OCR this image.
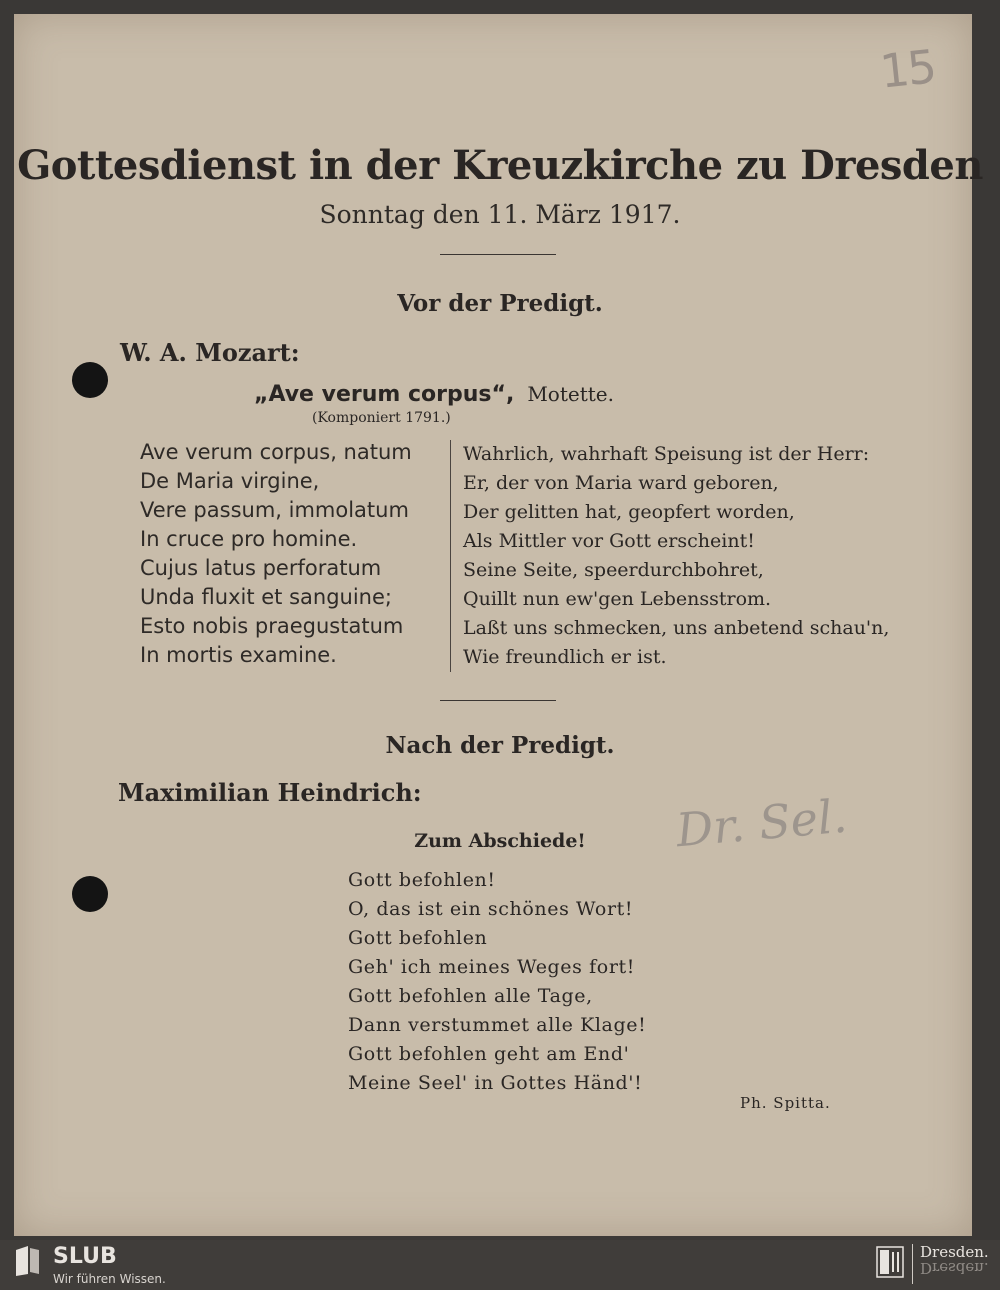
15
Gottesdienst in der Kreuzkirche zu Dresden
Sonntag den 11. März 1917.
Vor der Predigt.
W. A. Mozart:
„Ave verum corpus“, Motette.
(Komponiert 1791.)
Ave verum corpus, natum
De Maria virgine,
Vere passum, immolatum
In cruce pro homine.
Cujus latus perforatum
Unda fluxit et sanguine;
Esto nobis praegustatum
In mortis examine.
Wahrlich, wahrhaft Speisung ist der Herr:
Er, der von Maria ward geboren,
Der gelitten hat, geopfert worden,
Als Mittler vor Gott erscheint!
Seine Seite, speerdurchbohret,
Quillt nun ew'gen Lebensstrom.
Laßt uns schmecken, uns anbetend schau'n,
Wie freundlich er ist.
Nach der Predigt.
Maximilian Heindrich:
Zum Abschiede!	Dr. Sel.
Gott befohlen!
O, das ist ein schönes Wort!
Gott befohlen
Geh' ich meines Weges fort!
Gott befohlen alle Tage,
Dann verstummet alle Klage!
Gott befohlen geht am End'
Meine Seel' in Gottes Händ'!
Ph. Spitta.
SLUB
Wir führen Wissen.
Dresden.
Dresden.
